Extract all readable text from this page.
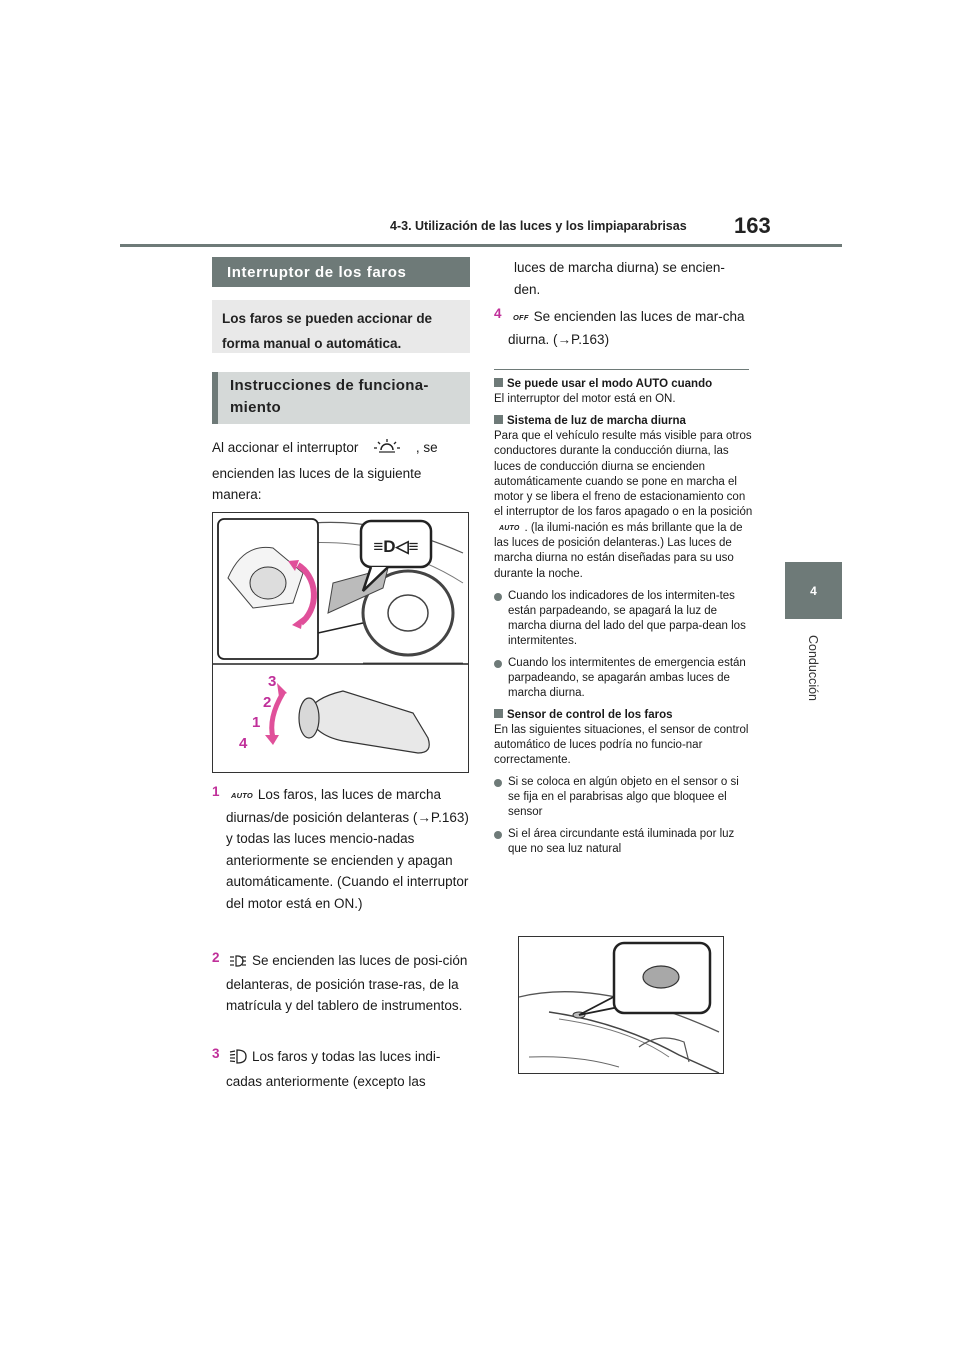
4-3. Utilización de las luces y los limpiaparabrisas 163
4
Conducción
Interruptor de los faros
Los faros se pueden accionar de forma manual o automática.
Instrucciones de funciona-miento
Al accionar el interruptor	, se
encienden las luces de la siguiente manera:
≡D◁≡
3
2
1
4
1	AUTO Los faros, las luces de marcha diurnas/de posición delanteras (→P.163) y todas las luces mencio-nadas anteriormente se encienden y apagan automáticamente. (Cuando el interruptor del motor está en ON.)
2	Se encienden las luces de posi-ción delanteras, de posición trase-ras, de la matrícula y del tablero de instrumentos.
3	Los faros y todas las luces indi-cadas anteriormente (excepto las
luces de marcha diurna) se encien-den.
4	OFF Se encienden las luces de mar-cha diurna. (→P.163)
Se puede usar el modo AUTO cuando
El interruptor del motor está en ON.
Sistema de luz de marcha diurna
Para que el vehículo resulte más visible para otros conductores durante la conducción diurna, las luces de conducción diurna se encienden automáticamente cuando se pone en marcha el motor y se libera el freno de estacionamiento con el interruptor de los faros apagado o en la posición AUTO . (la ilumi-nación es más brillante que la de las luces de posición delanteras.) Las luces de marcha diurna no están diseñadas para su uso durante la noche.
Cuando los indicadores de los intermiten-tes están parpadeando, se apagará la luz de marcha diurna del lado del que parpa-dean los intermitentes.
Cuando los intermitentes de emergencia están parpadeando, se apagarán ambas luces de marcha diurna.
Sensor de control de los faros
En las siguientes situaciones, el sensor de control automático de luces podría no funcio-nar correctamente.
Si se coloca en algún objeto en el sensor o si se fija en el parabrisas algo que bloquee el sensor
Si el área circundante está iluminada por luz que no sea luz natural
